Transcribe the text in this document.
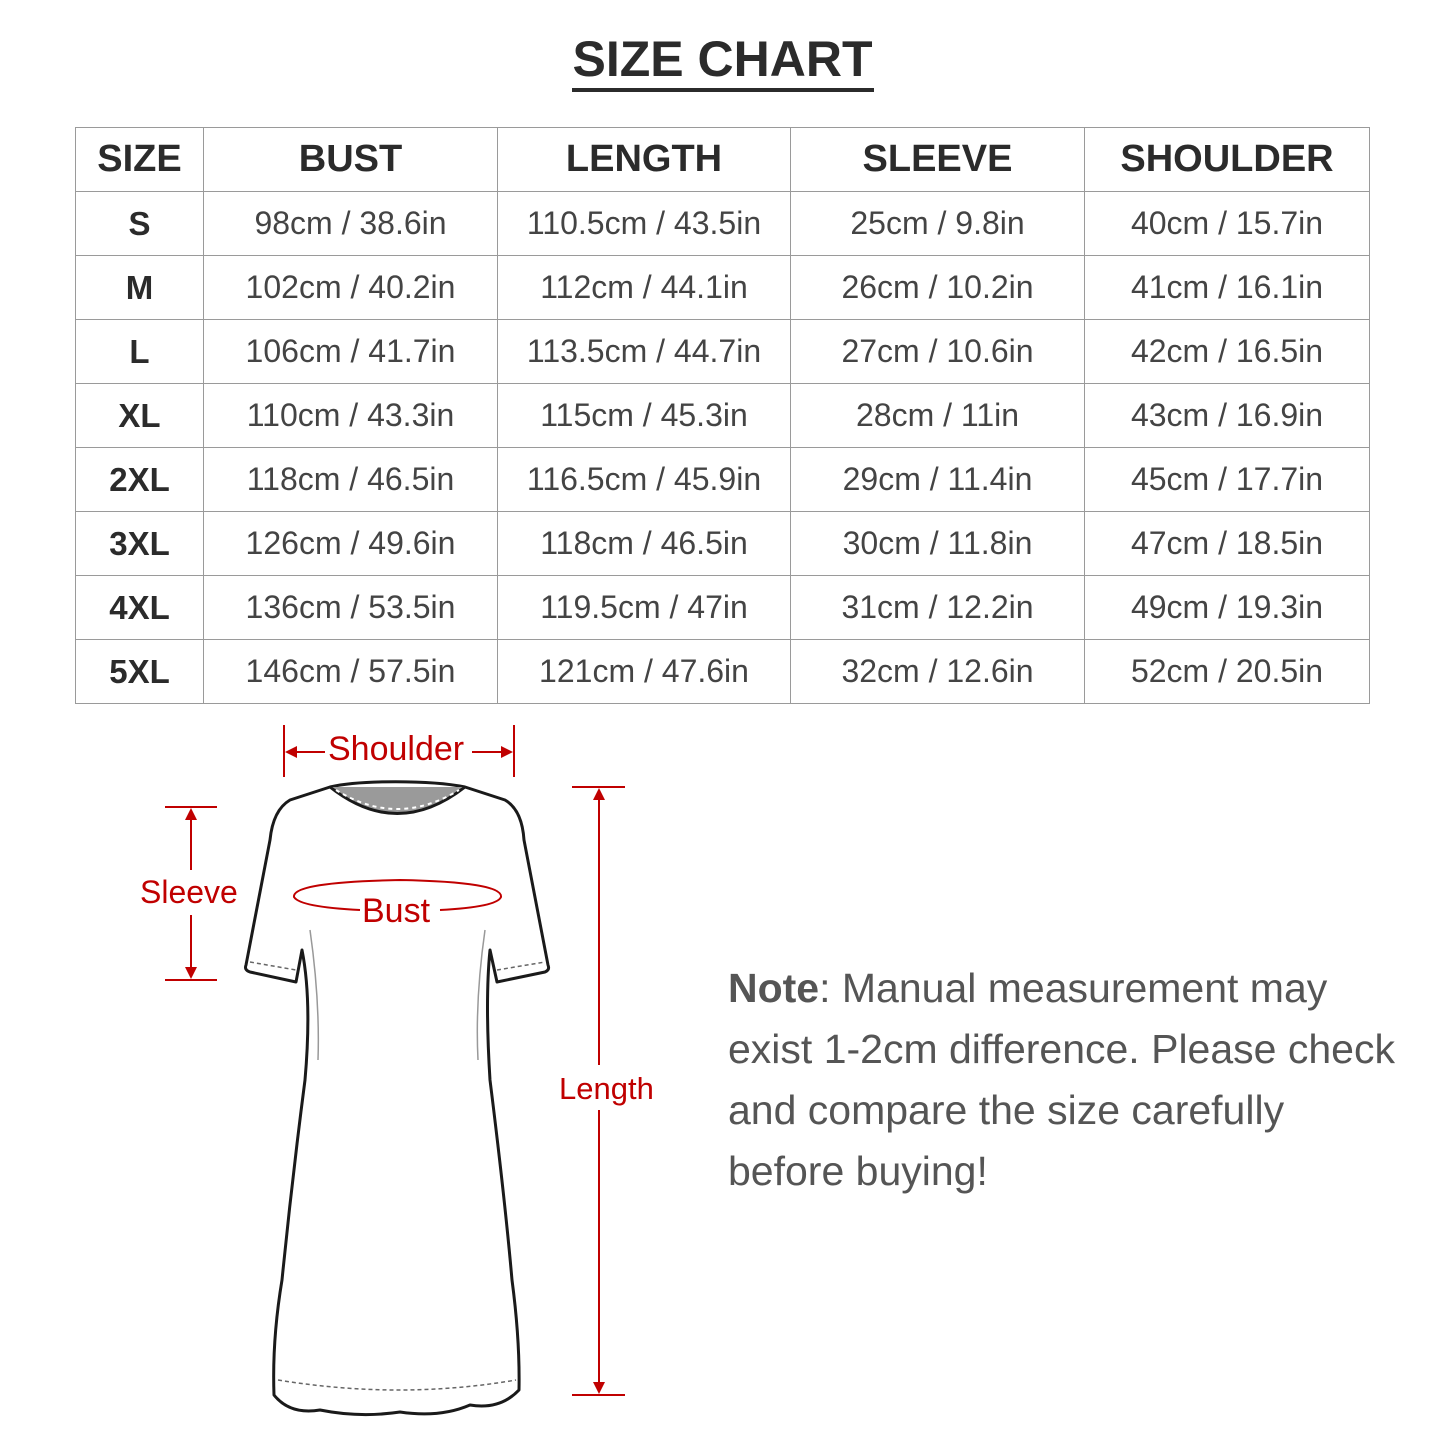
SIZE CHART
SIZE	BUST	LENGTH	SLEEVE	SHOULDER
S	98cm / 38.6in	110.5cm / 43.5in	25cm / 9.8in	40cm / 15.7in
M	102cm / 40.2in	112cm / 44.1in	26cm / 10.2in	41cm / 16.1in
L	106cm / 41.7in	113.5cm / 44.7in	27cm / 10.6in	42cm / 16.5in
XL	110cm / 43.3in	115cm / 45.3in	28cm / 11in	43cm / 16.9in
2XL	118cm / 46.5in	116.5cm / 45.9in	29cm / 11.4in	45cm / 17.7in
3XL	126cm / 49.6in	118cm / 46.5in	30cm / 11.8in	47cm / 18.5in
4XL	136cm / 53.5in	119.5cm / 47in	31cm / 12.2in	49cm / 19.3in
5XL	146cm / 57.5in	121cm / 47.6in	32cm / 12.6in	52cm / 20.5in
Shoulder
Sleeve	Bust
Length
Note: Manual measurement may exist 1-2cm difference. Please check and compare the size carefully before buying!
